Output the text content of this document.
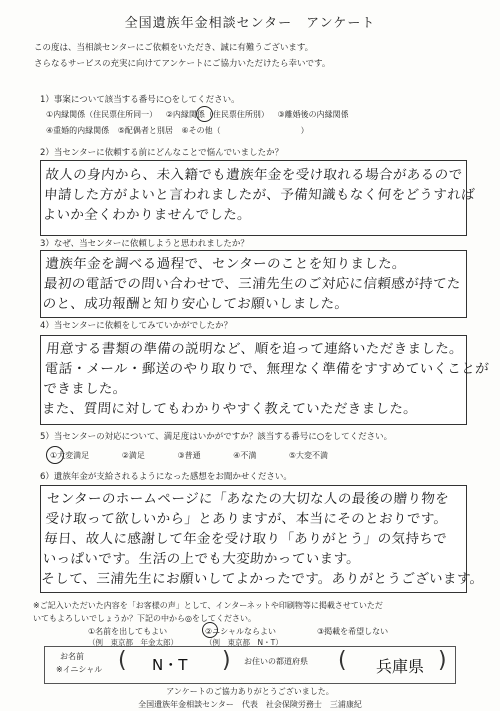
全国遺族年金相談センター　アンケート
この度は、当相談センターにご依頼をいただき、誠に有難うございます。
さらなるサービスの充実に向けてアンケートにご協力いただけたら幸いです。
1）事案について該当する番号に○をしてください。
①内縁関係（住民票住所同一） ②内縁関係（住民票住所別） ③離婚後の内縁関係
④重婚的内縁関係 ⑤配偶者と別居 ⑥その他（　　　　　　　　　　）
2）当センターに依頼する前にどんなことで悩んでいましたか？
故人の身内から、未入籍でも遺族年金を受け取れる場合があるので
申請した方がよいと言われましたが、予備知識もなく何をどうすれば
よいか全くわかりませんでした。
3）なぜ、当センターに依頼しようと思われましたか？
遺族年金を調べる過程で、センターのことを知りました。
最初の電話での問い合わせで、三浦先生のご対応に信頼感が持てた
のと、成功報酬と知り安心してお願いしました。
4）当センターに依頼をしてみていかがでしたか？
用意する書類の準備の説明など、順を追って連絡いただきました。
電話・メール・郵送のやり取りで、無理なく準備をすすめていくことが
できました。
また、質問に対してもわかりやすく教えていただきました。
5）当センターの対応について、満足度はいかがですか？該当する番号に○をしてください。
①大変満足	②満足	③普通	④不満	⑤大変不満
6）遺族年金が支給されるようになった感想をお聞かせください。
センターのホームページに「あなたの大切な人の最後の贈り物を
受け取って欲しいから」とありますが、本当にそのとおりです。
毎日、故人に感謝して年金を受け取り「ありがとう」の気持ちで
いっぱいです。生活の上でも大変助かっています。
そして、三浦先生にお願いしてよかったです。ありがとうございます。
※ご記入いただいた内容を「お客様の声」として、インターネットや印刷物等に掲載させていただ
いてもよろしいでしょうか？下記の中から◎をしてください。
①名前を出してもよい	②ニシャルならよい	③掲載を希望しない
（例　東京都　年金太郎）	（例　東京都　N・T）
お名前
※イニシャル ( N・T ) お住いの都道府県 ( 兵庫県 )
アンケートのご協力ありがとうございました。
全国遺族年金相談センター　代表　社会保険労務士　三浦康紀
